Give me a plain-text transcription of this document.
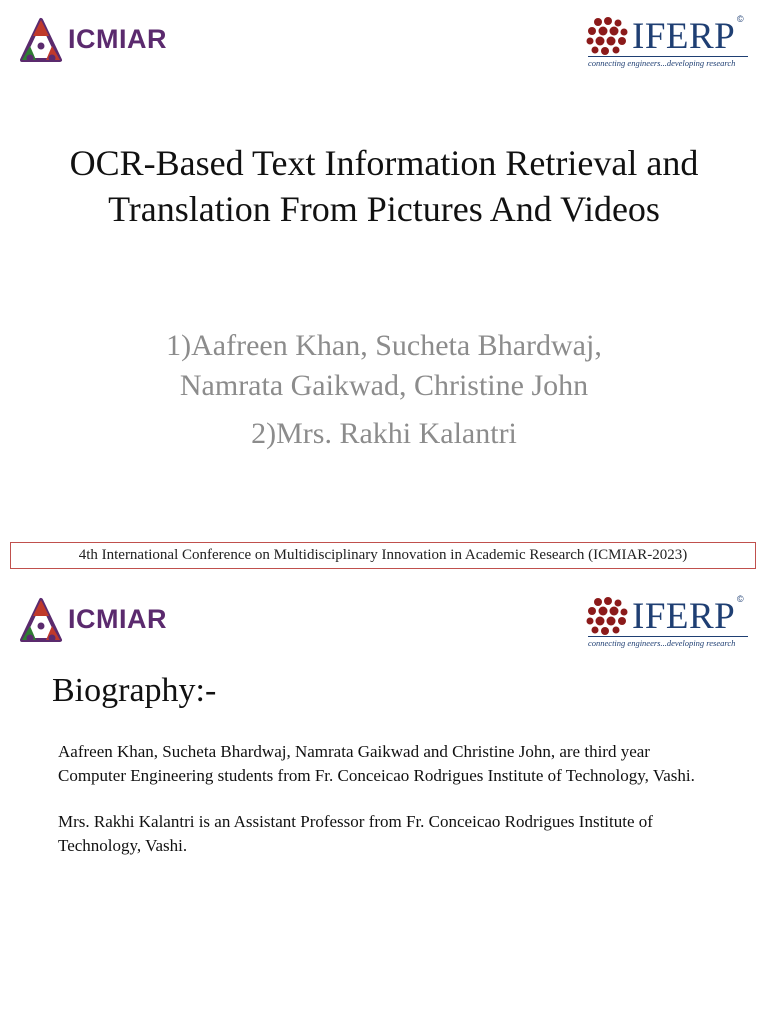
ICMIAR	IFERP ©
connecting engineers...developing research
OCR-Based Text Information Retrieval and
Translation From Pictures And Videos
1)Aafreen Khan, Sucheta Bhardwaj,
Namrata Gaikwad, Christine John
2)Mrs. Rakhi Kalantri
4th International Conference on Multidisciplinary Innovation in Academic Research (ICMIAR-2023)
ICMIAR	IFERP ©
connecting engineers...developing research
Biography:-

Aafreen Khan, Sucheta Bhardwaj, Namrata Gaikwad and Christine John, are third year Computer Engineering students from Fr. Conceicao Rodrigues Institute of Technology, Vashi.

Mrs. Rakhi Kalantri is an Assistant Professor from Fr. Conceicao Rodrigues Institute of Technology, Vashi.
